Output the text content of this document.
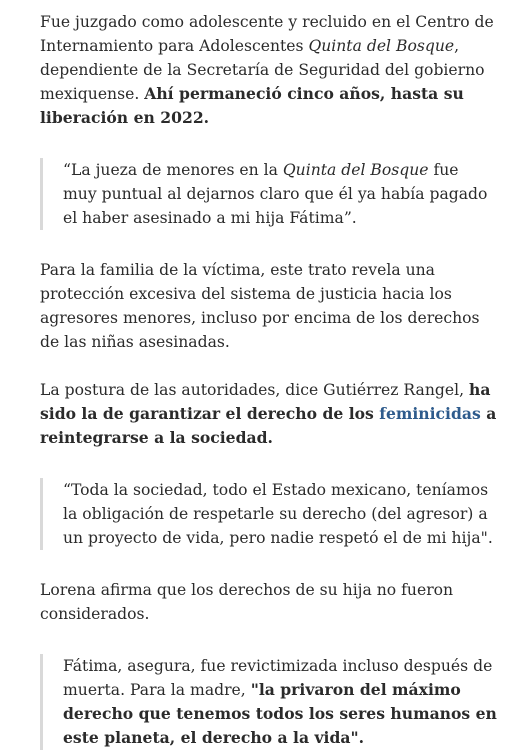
Fue juzgado como adolescente y recluido en el Centro de Internamiento para Adolescentes Quinta del Bosque, dependiente de la Secretaría de Seguridad del gobierno mexiquense. Ahí permaneció cinco años, hasta su liberación en 2022.

“La jueza de menores en la Quinta del Bosque fue muy puntual al dejarnos claro que él ya había pagado el haber asesinado a mi hija Fátima”.

Para la familia de la víctima, este trato revela una protección excesiva del sistema de justicia hacia los agresores menores, incluso por encima de los derechos de las niñas asesinadas.

La postura de las autoridades, dice Gutiérrez Rangel, ha sido la de garantizar el derecho de los feminicidas a reintegrarse a la sociedad.

“Toda la sociedad, todo el Estado mexicano, teníamos la obligación de respetarle su derecho (del agresor) a un proyecto de vida, pero nadie respetó el de mi hija".

Lorena afirma que los derechos de su hija no fueron considerados.

Fátima, asegura, fue revictimizada incluso después de muerta. Para la madre, "la privaron del máximo derecho que tenemos todos los seres humanos en este planeta, el derecho a la vida".
